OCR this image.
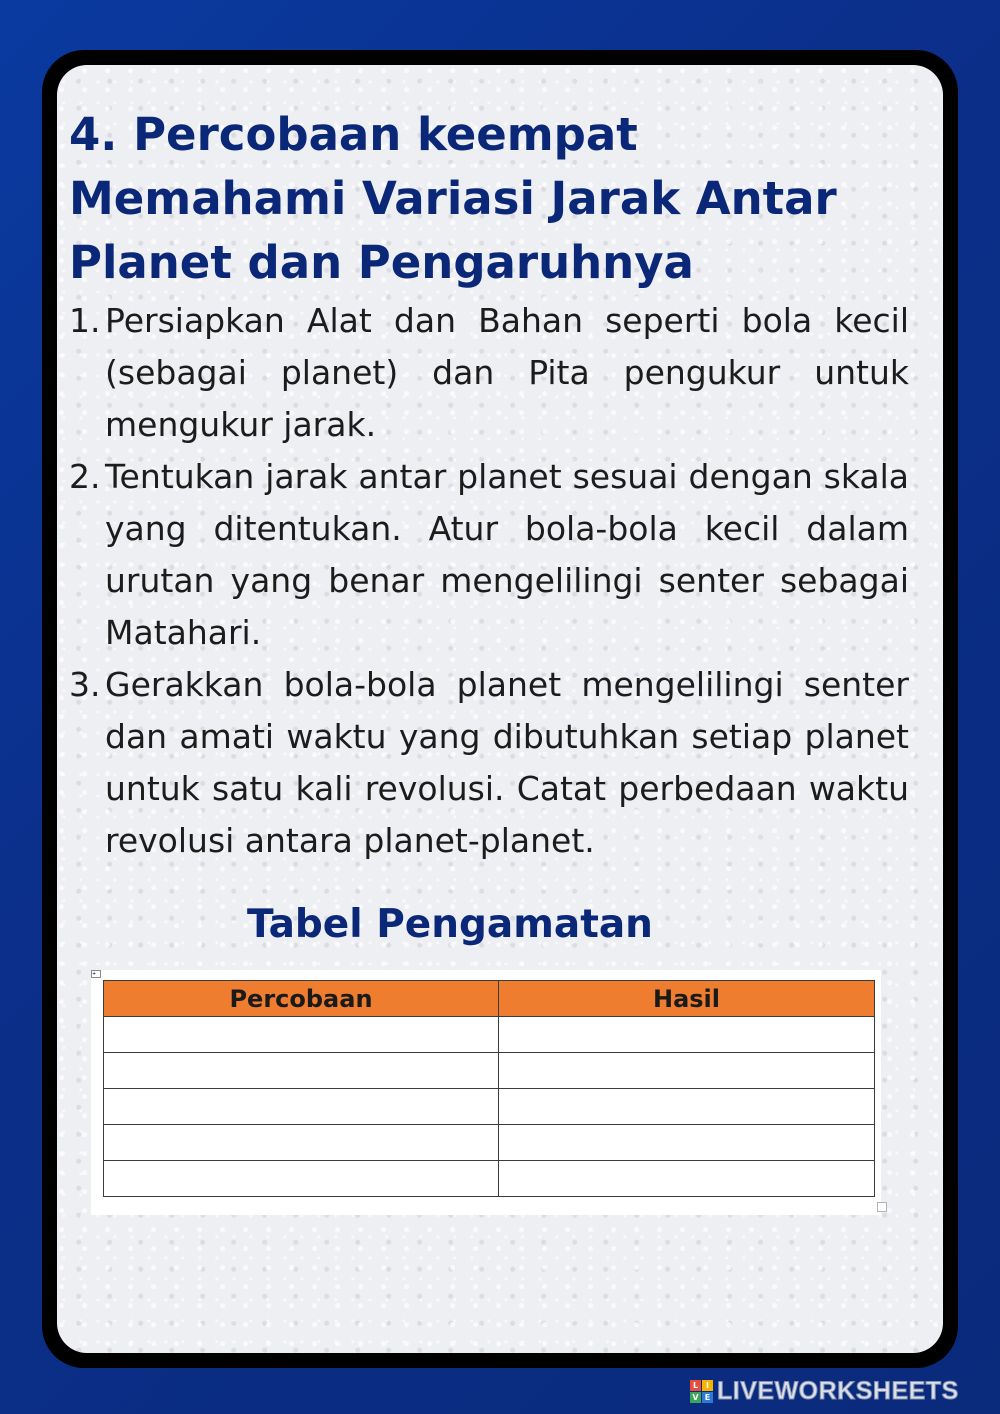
4. Percobaan keempat Memahami Variasi Jarak Antar Planet dan Pengaruhnya
1. Persiapkan Alat dan Bahan seperti bola kecil (sebagai planet) dan Pita pengukur untuk mengukur jarak.
2. Tentukan jarak antar planet sesuai dengan skala yang ditentukan. Atur bola-bola kecil dalam urutan yang benar mengelilingi senter sebagai Matahari.
3. Gerakkan bola-bola planet mengelilingi senter dan amati waktu yang dibutuhkan setiap planet untuk satu kali revolusi. Catat perbedaan waktu revolusi antara planet-planet.
Tabel Pengamatan
+
Percobaan	Hasil

L I
V E LIVEWORKSHEETS
